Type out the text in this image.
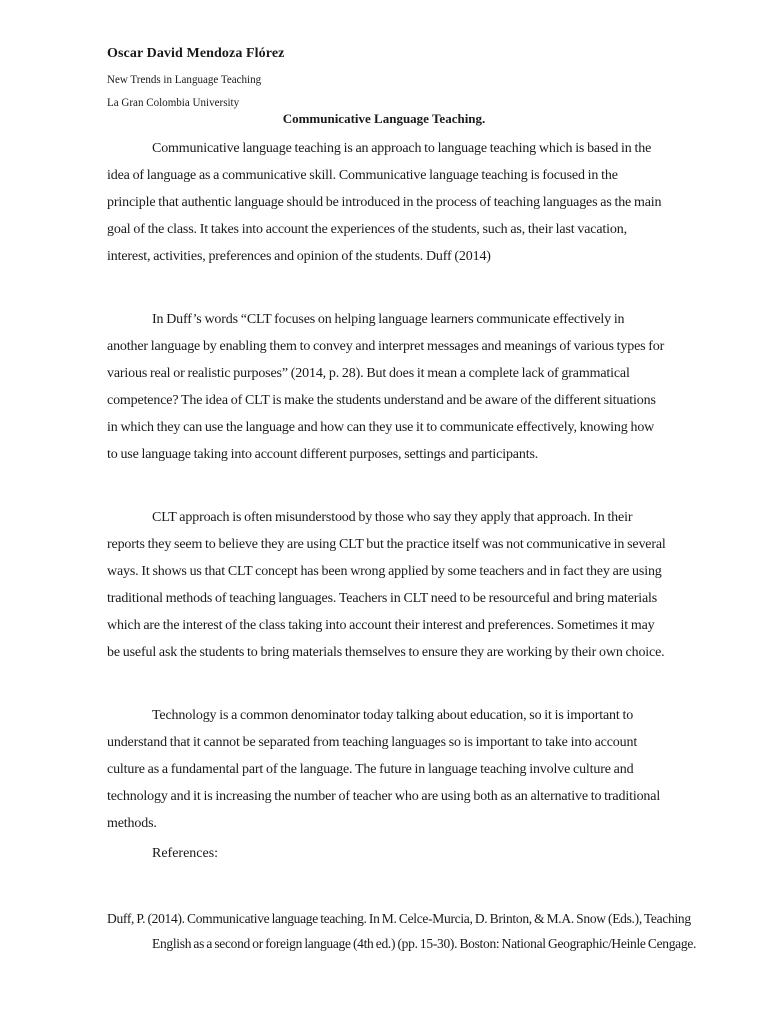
Oscar David Mendoza Flórez
New Trends in Language Teaching
La Gran Colombia University
Communicative Language Teaching.

Communicative language teaching is an approach to language teaching which is based in the idea of language as a communicative skill. Communicative language teaching is focused in the principle that authentic language should be introduced in the process of teaching languages as the main goal of the class. It takes into account the experiences of the students, such as, their last vacation, interest, activities, preferences and opinion of the students. Duff (2014)

In Duff’s words “CLT focuses on helping language learners communicate effectively in another language by enabling them to convey and interpret messages and meanings of various types for various real or realistic purposes” (2014, p. 28). But does it mean a complete lack of grammatical competence? The idea of CLT is make the students understand and be aware of the different situations in which they can use the language and how can they use it to communicate effectively, knowing how to use language taking into account different purposes, settings and participants.

CLT approach is often misunderstood by those who say they apply that approach. In their reports they seem to believe they are using CLT but the practice itself was not communicative in several ways. It shows us that CLT concept has been wrong applied by some teachers and in fact they are using traditional methods of teaching languages. Teachers in CLT need to be resourceful and bring materials which are the interest of the class taking into account their interest and preferences. Sometimes it may be useful ask the students to bring materials themselves to ensure they are working by their own choice.

Technology is a common denominator today talking about education, so it is important to understand that it cannot be separated from teaching languages so is important to take into account culture as a fundamental part of the language. The future in language teaching involve culture and technology and it is increasing the number of teacher who are using both as an alternative to traditional methods.

References:

Duff, P. (2014). Communicative language teaching. In M. Celce-Murcia, D. Brinton, & M.A. Snow (Eds.), Teaching English as a second or foreign language (4th ed.) (pp. 15-30). Boston: National Geographic/Heinle Cengage.
